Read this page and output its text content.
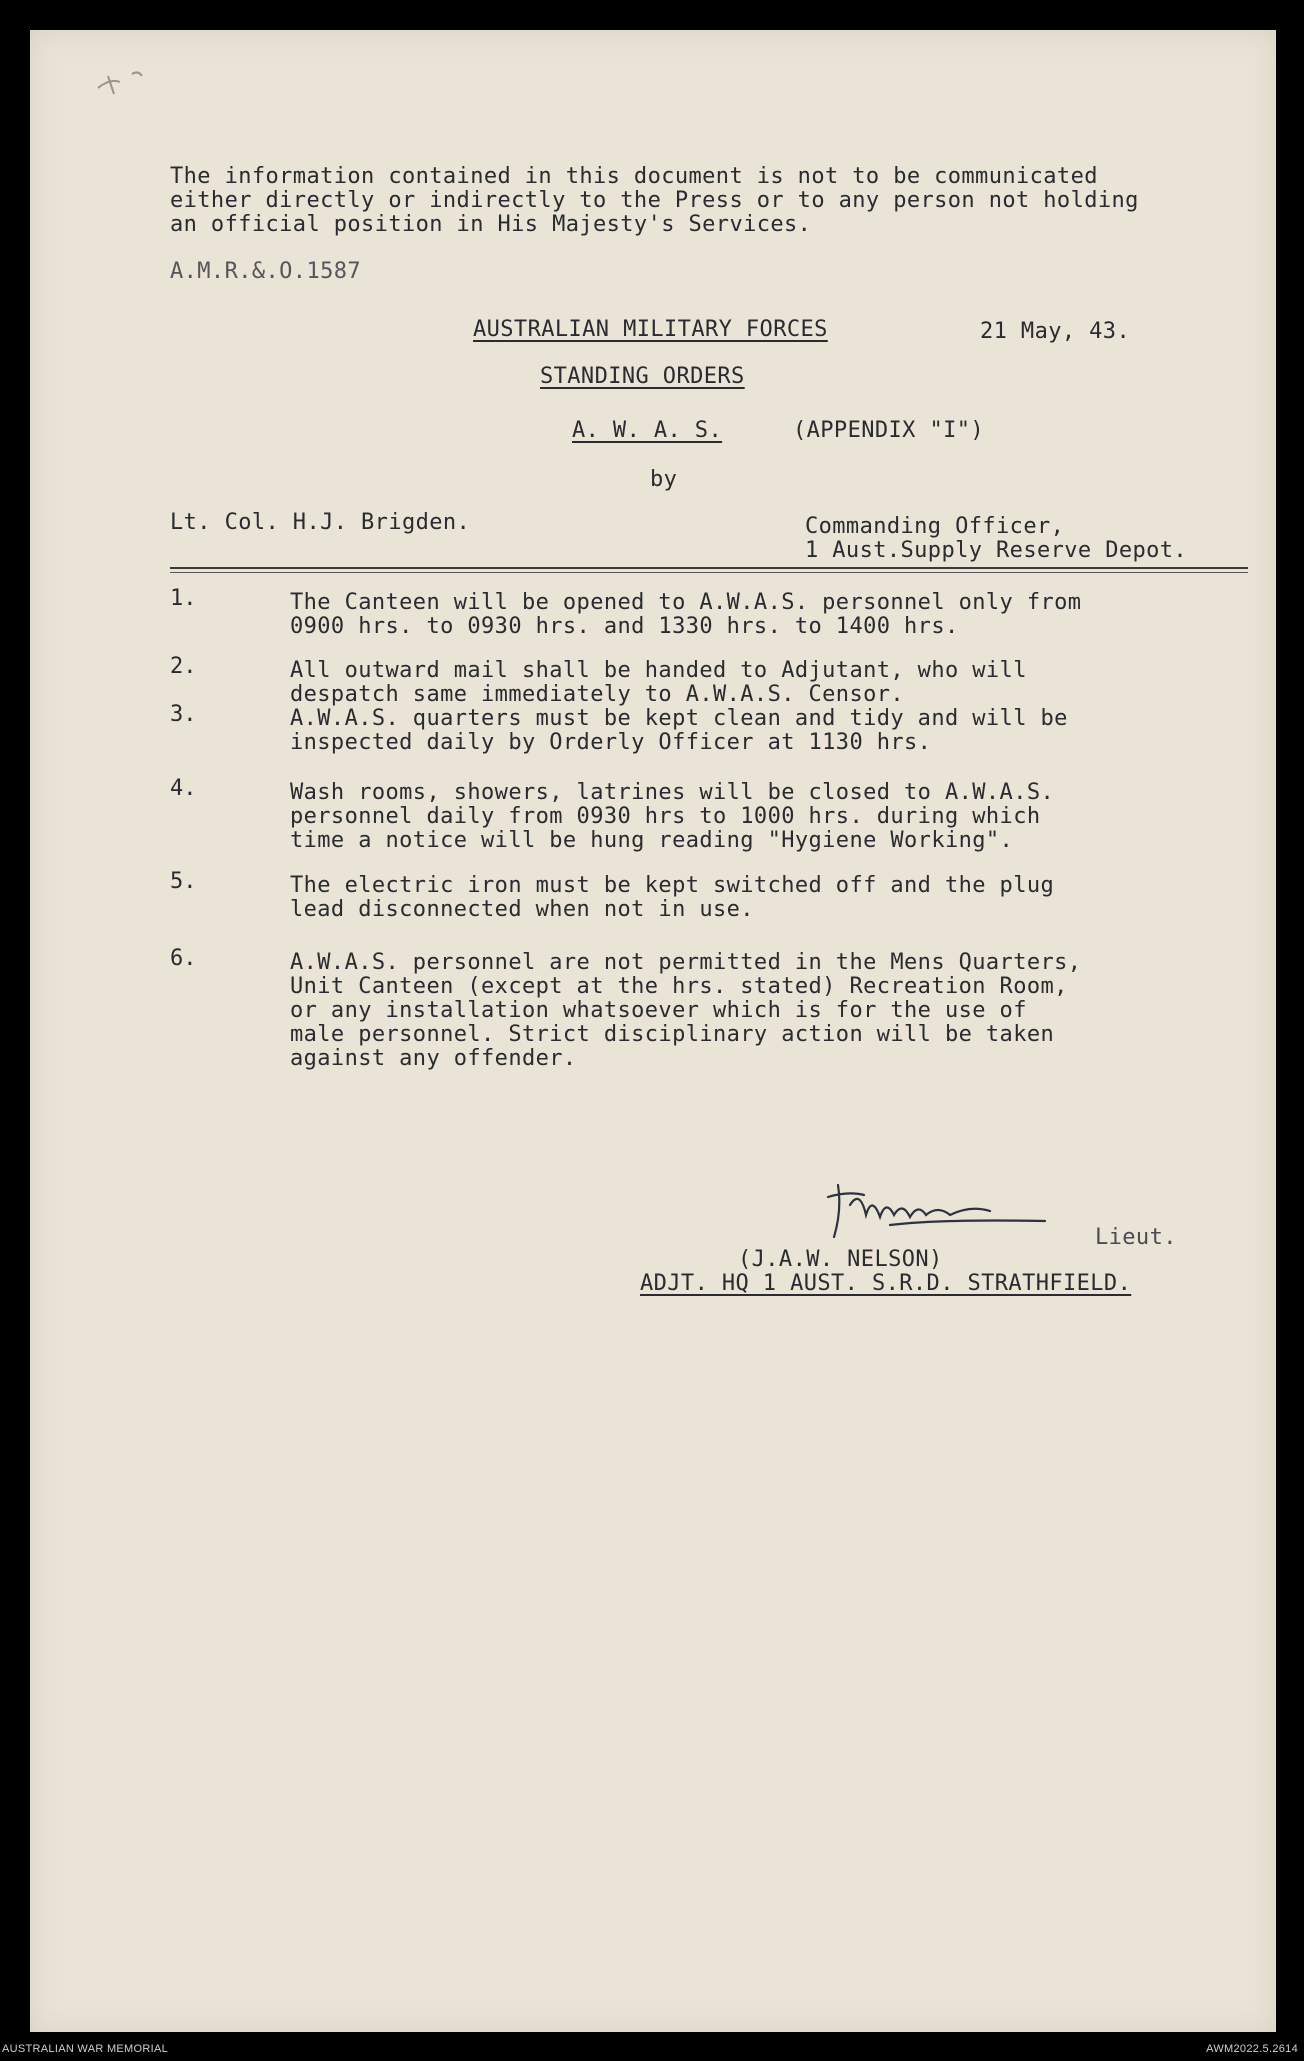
The information contained in this document is not to be communicated
either directly or indirectly to the Press or to any person not holding
an official position in His Majesty's Services.
A.M.R.&.O.1587
AUSTRALIAN MILITARY FORCES	21 May, 43.
STANDING ORDERS
A. W. A. S.	(APPENDIX "I")
by
Lt. Col. H.J. Brigden.	Commanding Officer,
1 Aust.Supply Reserve Depot.
1.	The Canteen will be opened to A.W.A.S. personnel only from
0900 hrs. to 0930 hrs. and 1330 hrs. to 1400 hrs.
2.	All outward mail shall be handed to Adjutant, who will
despatch same immediately to A.W.A.S. Censor.
3.	A.W.A.S. quarters must be kept clean and tidy and will be
inspected daily by Orderly Officer at 1130 hrs.
4.	Wash rooms, showers, latrines will be closed to A.W.A.S.
personnel daily from 0930 hrs to 1000 hrs. during which
time a notice will be hung reading "Hygiene Working".
5.	The electric iron must be kept switched off and the plug
lead disconnected when not in use.
6.	A.W.A.S. personnel are not permitted in the Mens Quarters,
Unit Canteen (except at the hrs. stated) Recreation Room,
or any installation whatsoever which is for the use of
male personnel. Strict disciplinary action will be taken
against any offender.
Lieut.
(J.A.W. NELSON)
ADJT. HQ 1 AUST. S.R.D. STRATHFIELD.
AUSTRALIAN WAR MEMORIAL	AWM2022.5.2614
